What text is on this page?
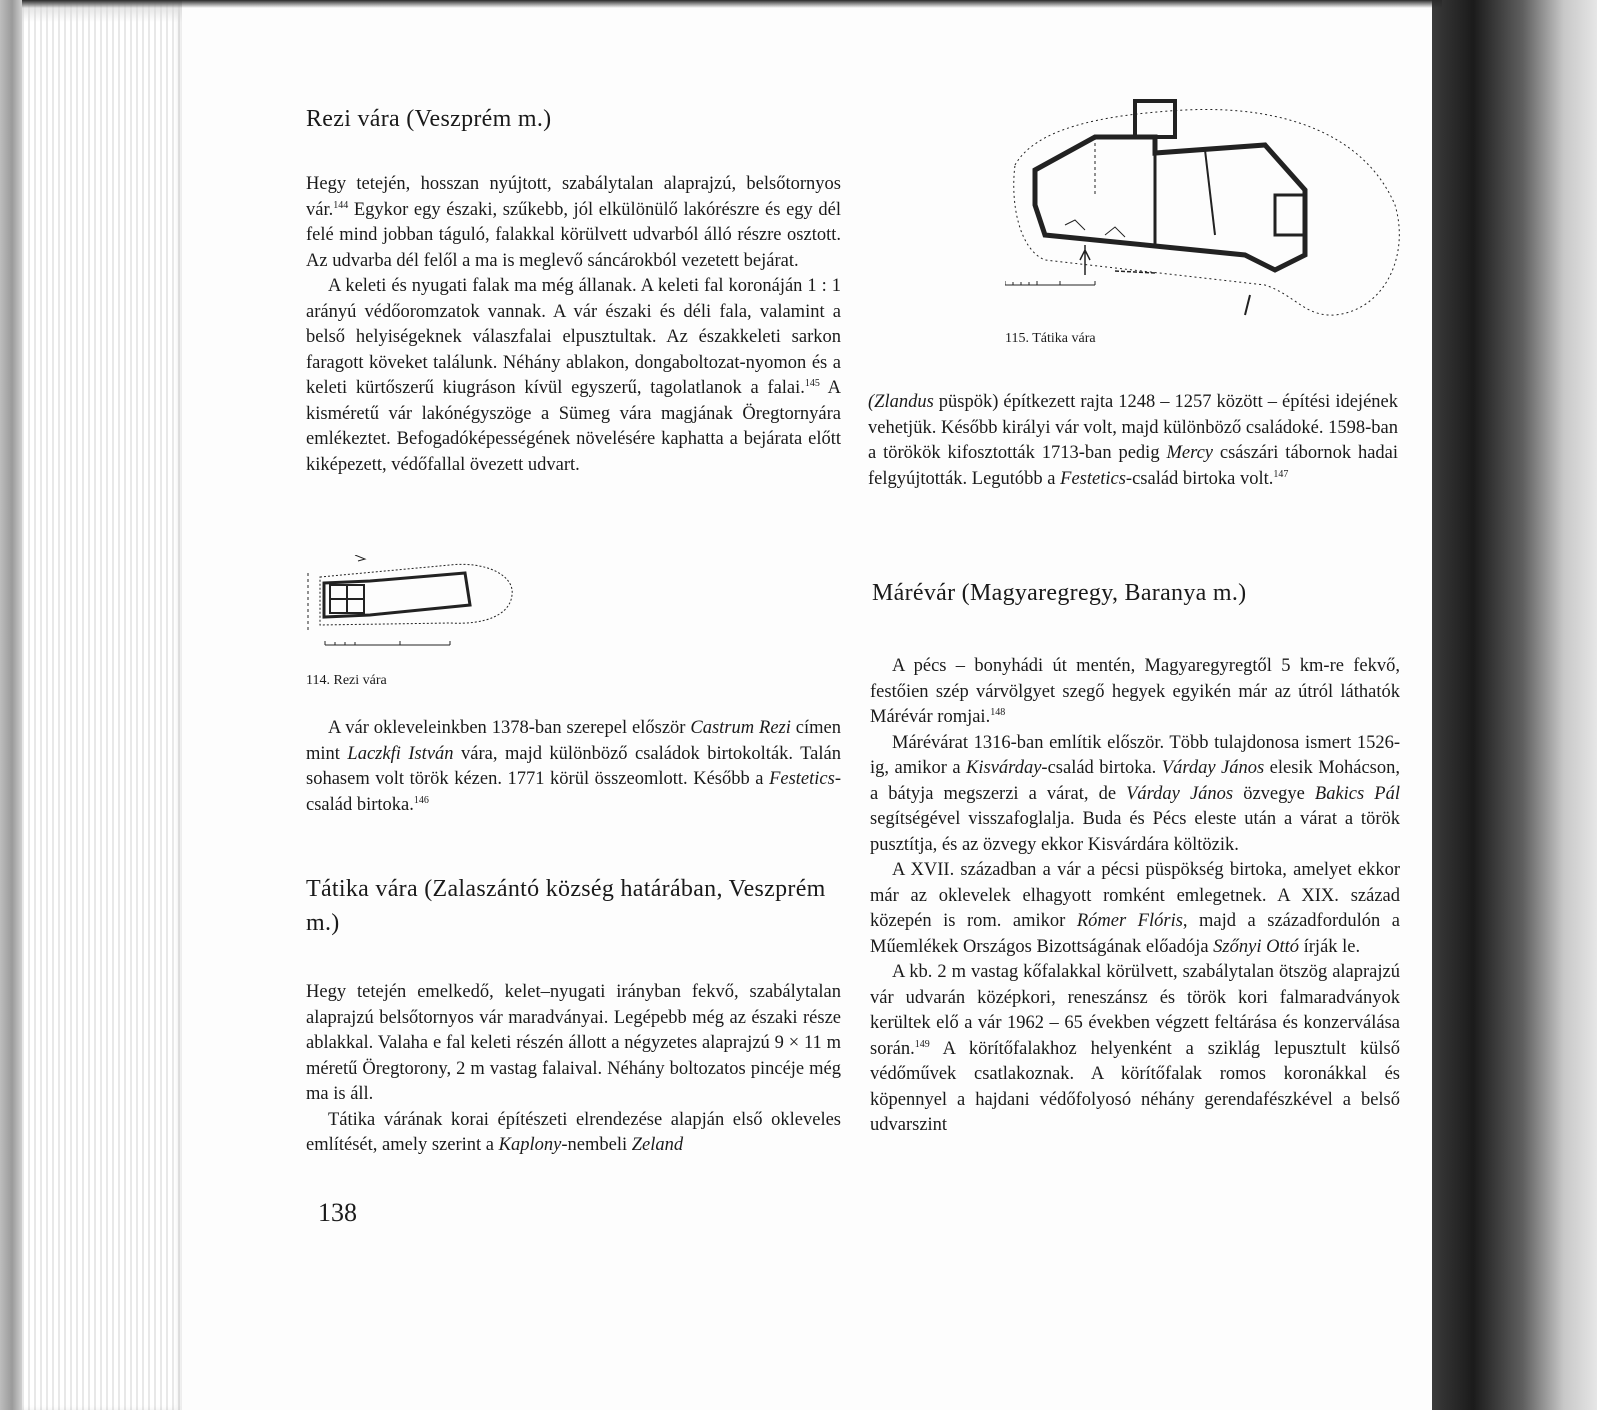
Rezi vára (Veszprém m.)

Hegy tetején, hosszan nyújtott, szabálytalan alaprajzú, belsőtornyos vár.$^{144}$ Egykor egy északi, szűkebb, jól elkülönülő lakórészre és egy dél felé mind jobban táguló, falakkal körülvett udvarból álló részre osztott. Az udvarba dél felől a ma is meglevő sáncárokból vezetett bejárat.

A keleti és nyugati falak ma még állanak. A keleti fal koronáján 1 : 1 arányú védőoromzatok vannak. A vár északi és déli fala, valamint a belső helyiségeknek válaszfalai elpusztultak. Az északkeleti sarkon faragott köveket találunk. Néhány ablakon, dongaboltozat-nyomon és a keleti kürtőszerű kiugráson kívül egyszerű, tagolatlanok a falai.$^{145}$ A kisméretű vár lakónégyszöge a Sümeg vára magjának Öregtornyára emlékeztet. Befogadóképességének növelésére kaphatta a bejárata előtt kiképezett, védőfallal övezett udvart.

114. Rezi vára

A vár okleveleinkben 1378-ban szerepel először Castrum Rezi címen mint Laczkfi István vára, majd különböző családok birtokolták. Talán sohasem volt török kézen. 1771 körül összeomlott. Később a Festetics-család birtoka.$^{146}$

Tátika vára (Zalaszántó község határában, Veszprém m.)

Hegy tetején emelkedő, kelet–nyugati irányban fekvő, szabálytalan alaprajzú belsőtornyos vár maradványai. Legépebb még az északi része ablakkal. Valaha e fal keleti részén állott a négyzetes alaprajzú 9 × 11 m méretű Öregtorony, 2 m vastag falaival. Néhány boltozatos pincéje még ma is áll.

Tátika várának korai építészeti elrendezése alapján első okleveles említését, amely szerint a Kaplony-nembeli Zeland

138
115. Tátika vára

(Zlandus püspök) építkezett rajta 1248 – 1257 között – építési idejének vehetjük. Később királyi vár volt, majd különböző családoké. 1598-ban a törökök kifosztották 1713-ban pedig Mercy császári tábornok hadai felgyújtották. Legutóbb a Festetics-család birtoka volt.$^{147}$

Márévár (Magyaregregy, Baranya m.)

A pécs – bonyhádi út mentén, Magyaregyregtől 5 km-re fekvő, festőien szép várvölgyet szegő hegyek egyikén már az útról láthatók Márévár romjai.$^{148}$

Márévárat 1316-ban említik először. Több tulajdonosa ismert 1526-ig, amikor a Kisvárday-család birtoka. Várday János elesik Mohácson, a bátyja megszerzi a várat, de Várday János özvegye Bakics Pál segítségével visszafoglalja. Buda és Pécs eleste után a várat a török pusztítja, és az özvegy ekkor Kisvárdára költözik.

A XVII. században a vár a pécsi püspökség birtoka, amelyet ekkor már az oklevelek elhagyott romként emlegetnek. A XIX. század közepén is rom. amikor Rómer Flóris, majd a századfordulón a Műemlékek Országos Bizottságának előadója Szőnyi Ottó írják le.

A kb. 2 m vastag kőfalakkal körülvett, szabálytalan ötszög alaprajzú vár udvarán középkori, reneszánsz és török kori falmaradványok kerültek elő a vár 1962 – 65 években végzett feltárása és konzerválása során.$^{149}$ A körítőfalakhoz helyenként a sziklág lepusztult külső védőművek csatlakoznak. A körítőfalak romos koronákkal és köpennyel a hajdani védőfolyosó néhány gerendafészkével a belső udvarszint
